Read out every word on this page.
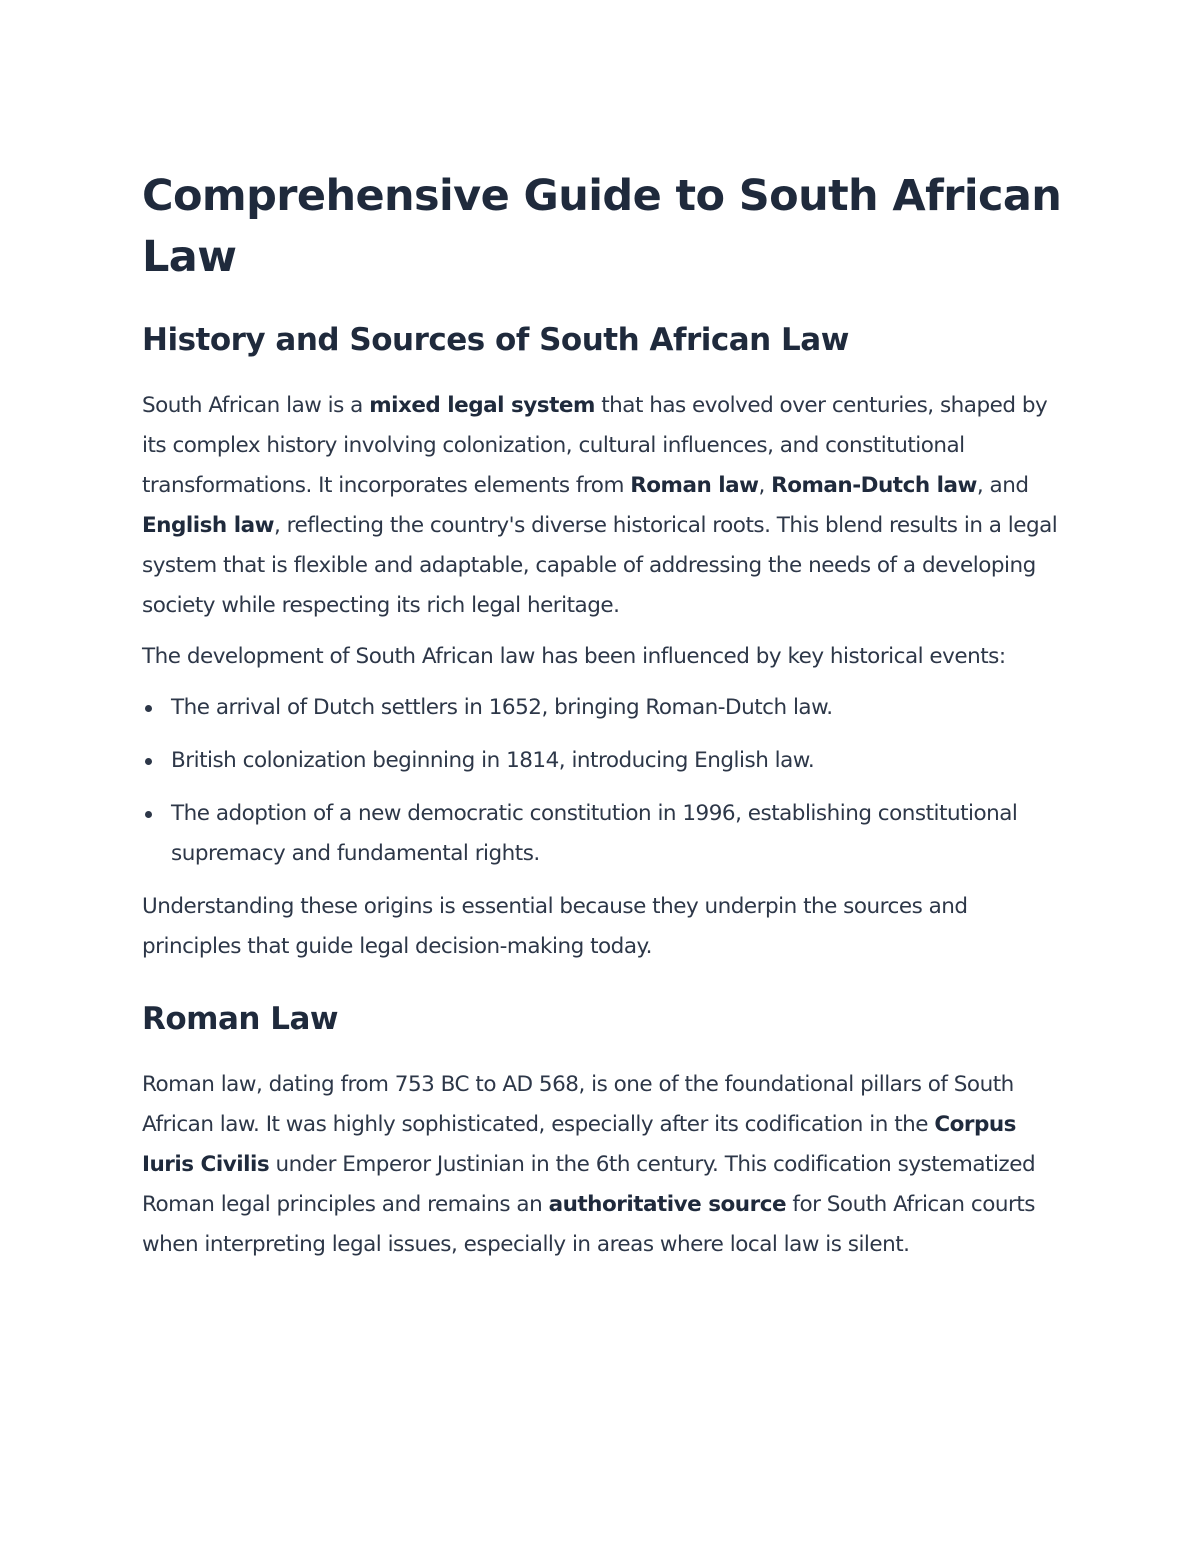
Comprehensive Guide to South African Law
History and Sources of South African Law

South African law is a mixed legal system that has evolved over centuries, shaped by its complex history involving colonization, cultural influences, and constitutional transformations. It incorporates elements from Roman law, Roman-Dutch law, and English law, reflecting the country's diverse historical roots. This blend results in a legal system that is flexible and adaptable, capable of addressing the needs of a developing society while respecting its rich legal heritage.

The development of South African law has been influenced by key historical events:

The arrival of Dutch settlers in 1652, bringing Roman-Dutch law.
British colonization beginning in 1814, introducing English law.
The adoption of a new democratic constitution in 1996, establishing constitutional supremacy and fundamental rights.

Understanding these origins is essential because they underpin the sources and principles that guide legal decision-making today.

Roman Law

Roman law, dating from 753 BC to AD 568, is one of the foundational pillars of South African law. It was highly sophisticated, especially after its codification in the Corpus Iuris Civilis under Emperor Justinian in the 6th century. This codification systematized Roman legal principles and remains an authoritative source for South African courts when interpreting legal issues, especially in areas where local law is silent.
